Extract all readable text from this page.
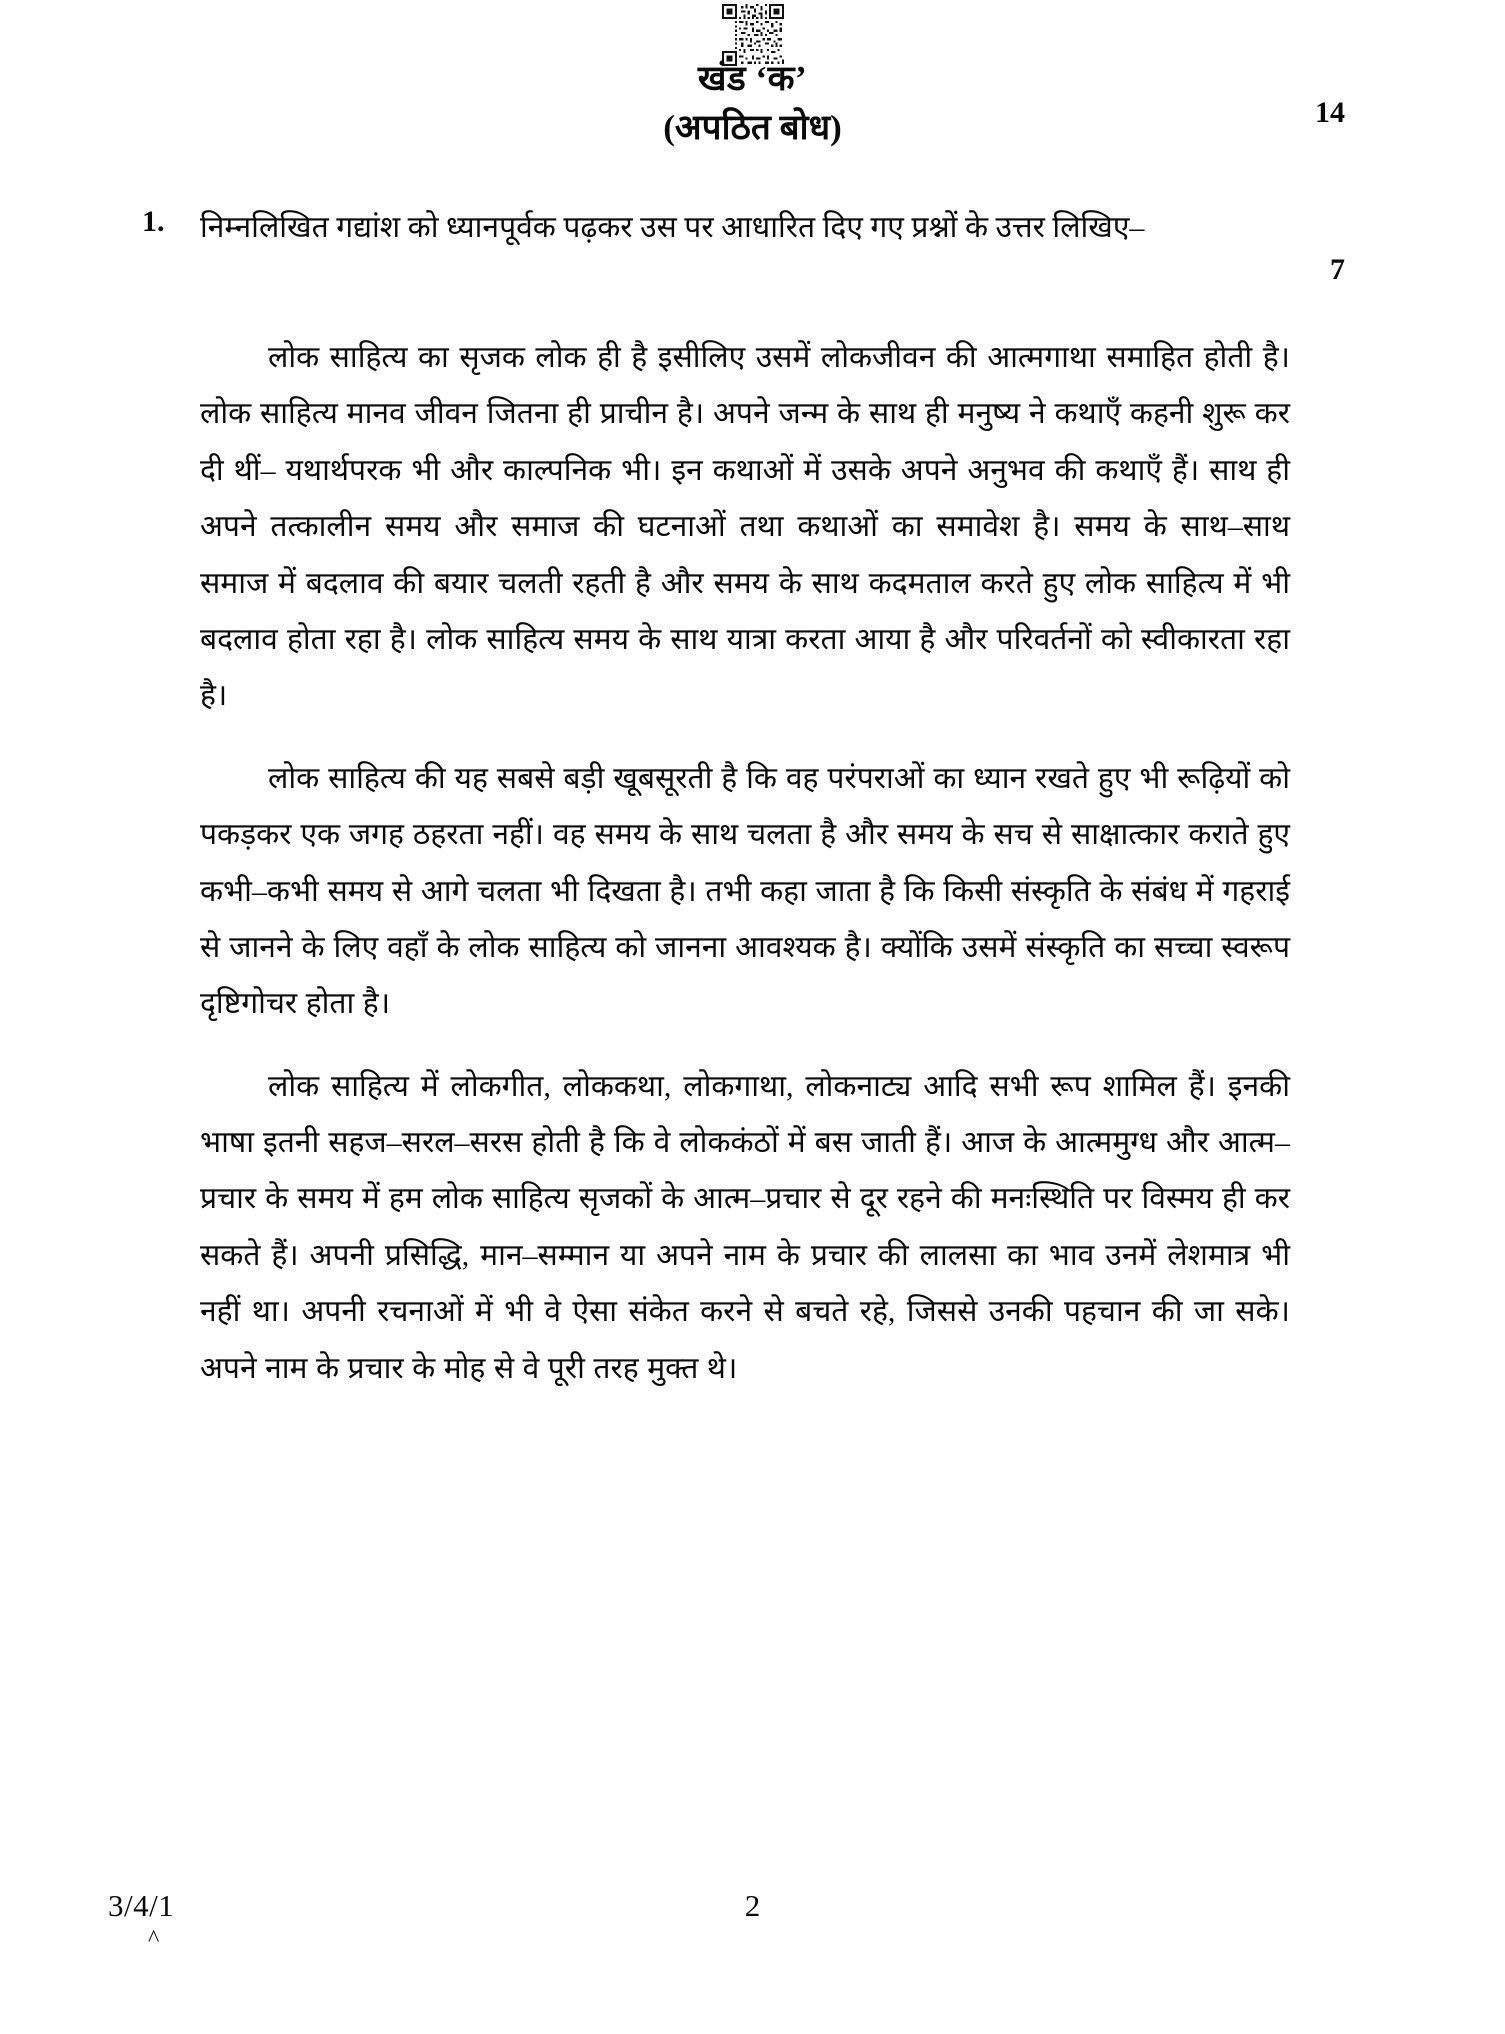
खंड ‘क’
(अपठित बोध)	14
1.	निम्नलिखित गद्यांश को ध्यानपूर्वक पढ़कर उस पर आधारित दिए गए प्रश्नों के उत्तर लिखिए–
7

लोक साहित्य का सृजक लोक ही है इसीलिए उसमें लोकजीवन की आत्मगाथा समाहित होती है। लोक साहित्य मानव जीवन जितना ही प्राचीन है। अपने जन्म के साथ ही मनुष्य ने कथाएँ कहनी शुरू कर दी थीं– यथार्थपरक भी और काल्पनिक भी। इन कथाओं में उसके अपने अनुभव की कथाएँ हैं। साथ ही अपने तत्कालीन समय और समाज की घटनाओं तथा कथाओं का समावेश है। समय के साथ–साथ समाज में बदलाव की बयार चलती रहती है और समय के साथ कदमताल करते हुए लोक साहित्य में भी बदलाव होता रहा है। लोक साहित्य समय के साथ यात्रा करता आया है और परिवर्तनों को स्वीकारता रहा है।

लोक साहित्य की यह सबसे बड़ी खूबसूरती है कि वह परंपराओं का ध्यान रखते हुए भी रूढ़ियों को पकड़कर एक जगह ठहरता नहीं। वह समय के साथ चलता है और समय के सच से साक्षात्कार कराते हुए कभी–कभी समय से आगे चलता भी दिखता है। तभी कहा जाता है कि किसी संस्कृति के संबंध में गहराई से जानने के लिए वहाँ के लोक साहित्य को जानना आवश्यक है। क्योंकि उसमें संस्कृति का सच्चा स्वरूप दृष्टिगोचर होता है।

लोक साहित्य में लोकगीत, लोककथा, लोकगाथा, लोकनाट्य आदि सभी रूप शामिल हैं। इनकी भाषा इतनी सहज–सरल–सरस होती है कि वे लोककंठों में बस जाती हैं। आज के आत्ममुग्ध और आत्म–प्रचार के समय में हम लोक साहित्य सृजकों के आत्म–प्रचार से दूर रहने की मनःस्थिति पर विस्मय ही कर सकते हैं। अपनी प्रसिद्धि, मान–सम्मान या अपने नाम के प्रचार की लालसा का भाव उनमें लेशमात्र भी नहीं था। अपनी रचनाओं में भी वे ऐसा संकेत करने से बचते रहे, जिससे उनकी पहचान की जा सके। अपने नाम के प्रचार के मोह से वे पूरी तरह मुक्त थे।

3/4/1
^
2
